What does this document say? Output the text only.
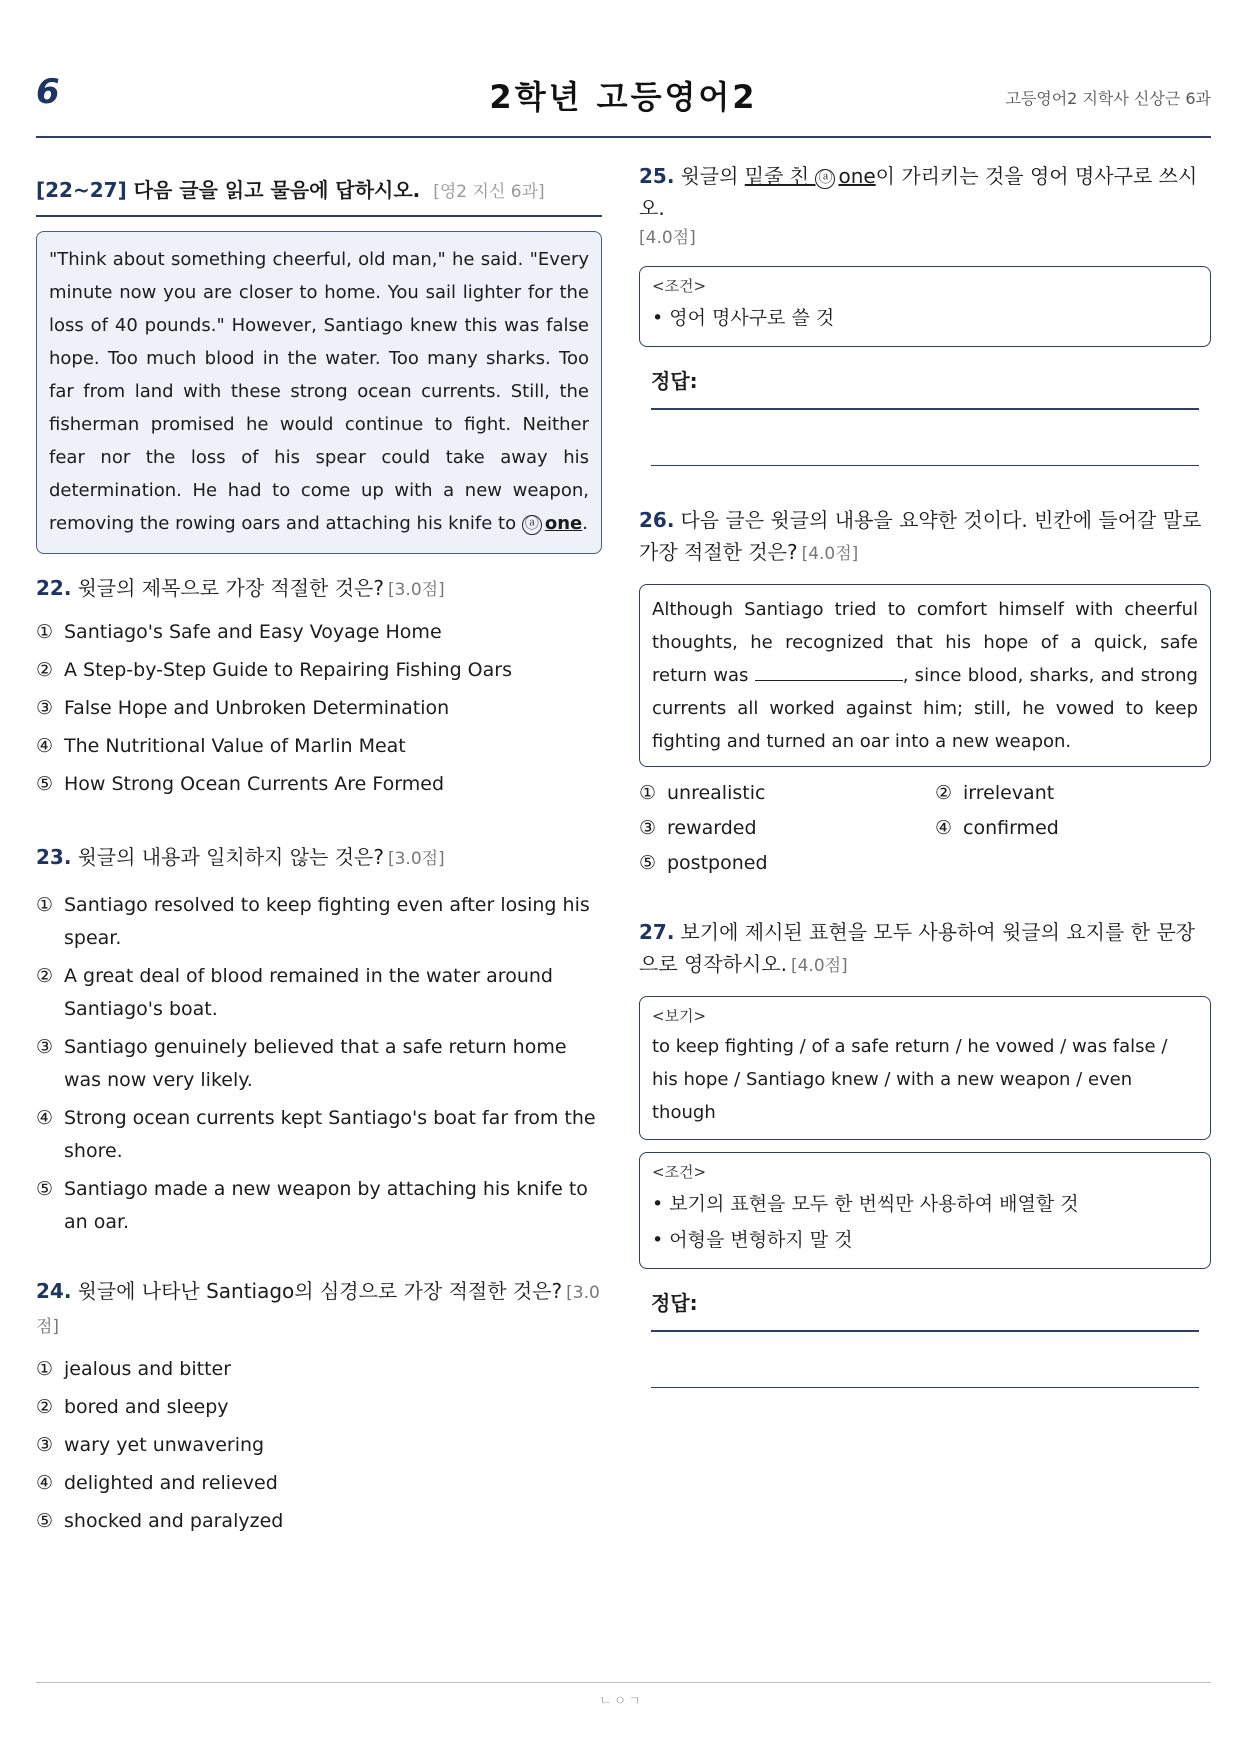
6	2학년 고등영어2	고등영어2 지학사 신상근 6과
[22~27] 다음 글을 읽고 물음에 답하시오. [영2 지신 6과]
"Think about something cheerful, old man," he said. "Every minute now you are closer to home. You sail lighter for the loss of 40 pounds." However, Santiago knew this was false hope. Too much blood in the water. Too many sharks. Too far from land with these strong ocean currents. Still, the fisherman promised he would continue to fight. Neither fear nor the loss of his spear could take away his determination. He had to come up with a new weapon, removing the rowing oars and attaching his knife to ⓐ one.
22. 윗글의 제목으로 가장 적절한 것은? [3.0점]
① Santiago's Safe and Easy Voyage Home
② A Step-by-Step Guide to Repairing Fishing Oars
③ False Hope and Unbroken Determination
④ The Nutritional Value of Marlin Meat
⑤ How Strong Ocean Currents Are Formed
23. 윗글의 내용과 일치하지 않는 것은? [3.0점]
① Santiago resolved to keep fighting even after losing his spear.
② A great deal of blood remained in the water around Santiago's boat.
③ Santiago genuinely believed that a safe return home was now very likely.
④ Strong ocean currents kept Santiago's boat far from the shore.
⑤ Santiago made a new weapon by attaching his knife to an oar.
24. 윗글에 나타난 Santiago의 심경으로 가장 적절한 것은? [3.0점]
① jealous and bitter
② bored and sleepy
③ wary yet unwavering
④ delighted and relieved
⑤ shocked and paralyzed
25. 윗글의 밑줄 친 ⓐ one이 가리키는 것을 영어 명사구로 쓰시오.
[4.0점]
<조건>
• 영어 명사구로 쓸 것
정답:
26. 다음 글은 윗글의 내용을 요약한 것이다. 빈칸에 들어갈 말로 가장 적절한 것은? [4.0점]
Although Santiago tried to comfort himself with cheerful thoughts, he recognized that his hope of a quick, safe return was	, since blood, sharks, and strong currents all worked against him; still, he vowed to keep fighting and turned an oar into a new weapon.
① unrealistic	② irrelevant
③ rewarded	④ confirmed
⑤ postponed
27. 보기에 제시된 표현을 모두 사용하여 윗글의 요지를 한 문장으로 영작하시오. [4.0점]
<보기>
to keep fighting / of a safe return / he vowed / was false / his hope / Santiago knew / with a new weapon / even though
<조건>
• 보기의 표현을 모두 한 번씩만 사용하여 배열할 것
• 어형을 변형하지 말 것
정답:
ㄴㅇㄱ
